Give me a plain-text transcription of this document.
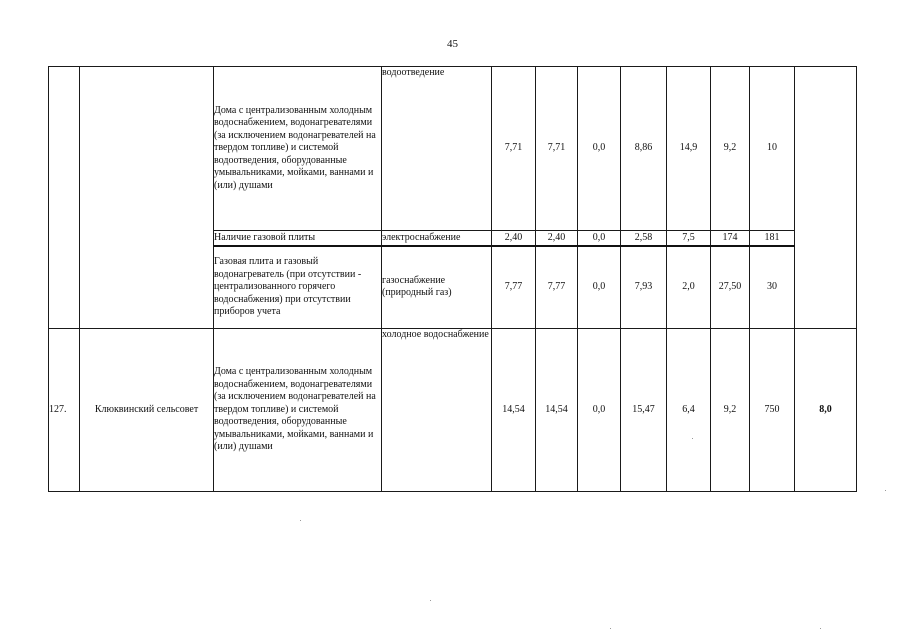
45
		Дома с централизованным холодным водоснабжением, водонагревателями (за исключением водонагревателей на твердом топливе) и системой водоотведения, оборудованные умывальниками, мойками, ваннами и (или) душами	водоотведение	7,71	7,71	0,0	8,86	14,9	9,2	10	
		Наличие газовой плиты	электроснабжение	2,40	2,40	0,0	2,58	7,5	174	181	
		Газовая плита и газовый водонагреватель (при отсутствии - централизованного горячего водоснабжения) при отсутствии приборов учета	газоснабжение (природный газ)	7,77	7,77	0,0	7,93	2,0	27,50	30	
127.	Клюквинский сельсовет	Дома с централизованным холодным водоснабжением, водонагревателями (за исключением водонагревателей на твердом топливе) и системой водоотведения, оборудованные умывальниками, мойками, ваннами и (или) душами	холодное водоснабжение	14,54	14,54	0,0	15,47	6,4	9,2	750	8,0
